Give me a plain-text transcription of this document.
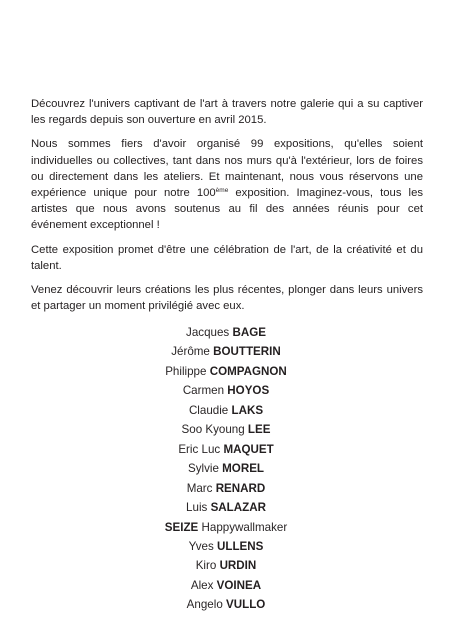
Découvrez l'univers captivant de l'art à travers notre galerie qui a su captiver les regards depuis son ouverture en avril 2015.

Nous sommes fiers d'avoir organisé 99 expositions, qu'elles soient individuelles ou collectives, tant dans nos murs qu'à l'extérieur, lors de foires ou directement dans les ateliers. Et maintenant, nous vous réservons une expérience unique pour notre 100ème exposition. Imaginez-vous, tous les artistes que nous avons soutenus au fil des années réunis pour cet événement exceptionnel !

Cette exposition promet d'être une célébration de l'art, de la créativité et du talent.

Venez découvrir leurs créations les plus récentes, plonger dans leurs univers et partager un moment privilégié avec eux.

Jacques BAGE
Jérôme BOUTTERIN
Philippe COMPAGNON
Carmen HOYOS
Claudie LAKS
Soo Kyoung LEE
Eric Luc MAQUET
Sylvie MOREL
Marc RENARD
Luis SALAZAR
SEIZE Happywallmaker
Yves ULLENS
Kiro URDIN
Alex VOINEA
Angelo VULLO
